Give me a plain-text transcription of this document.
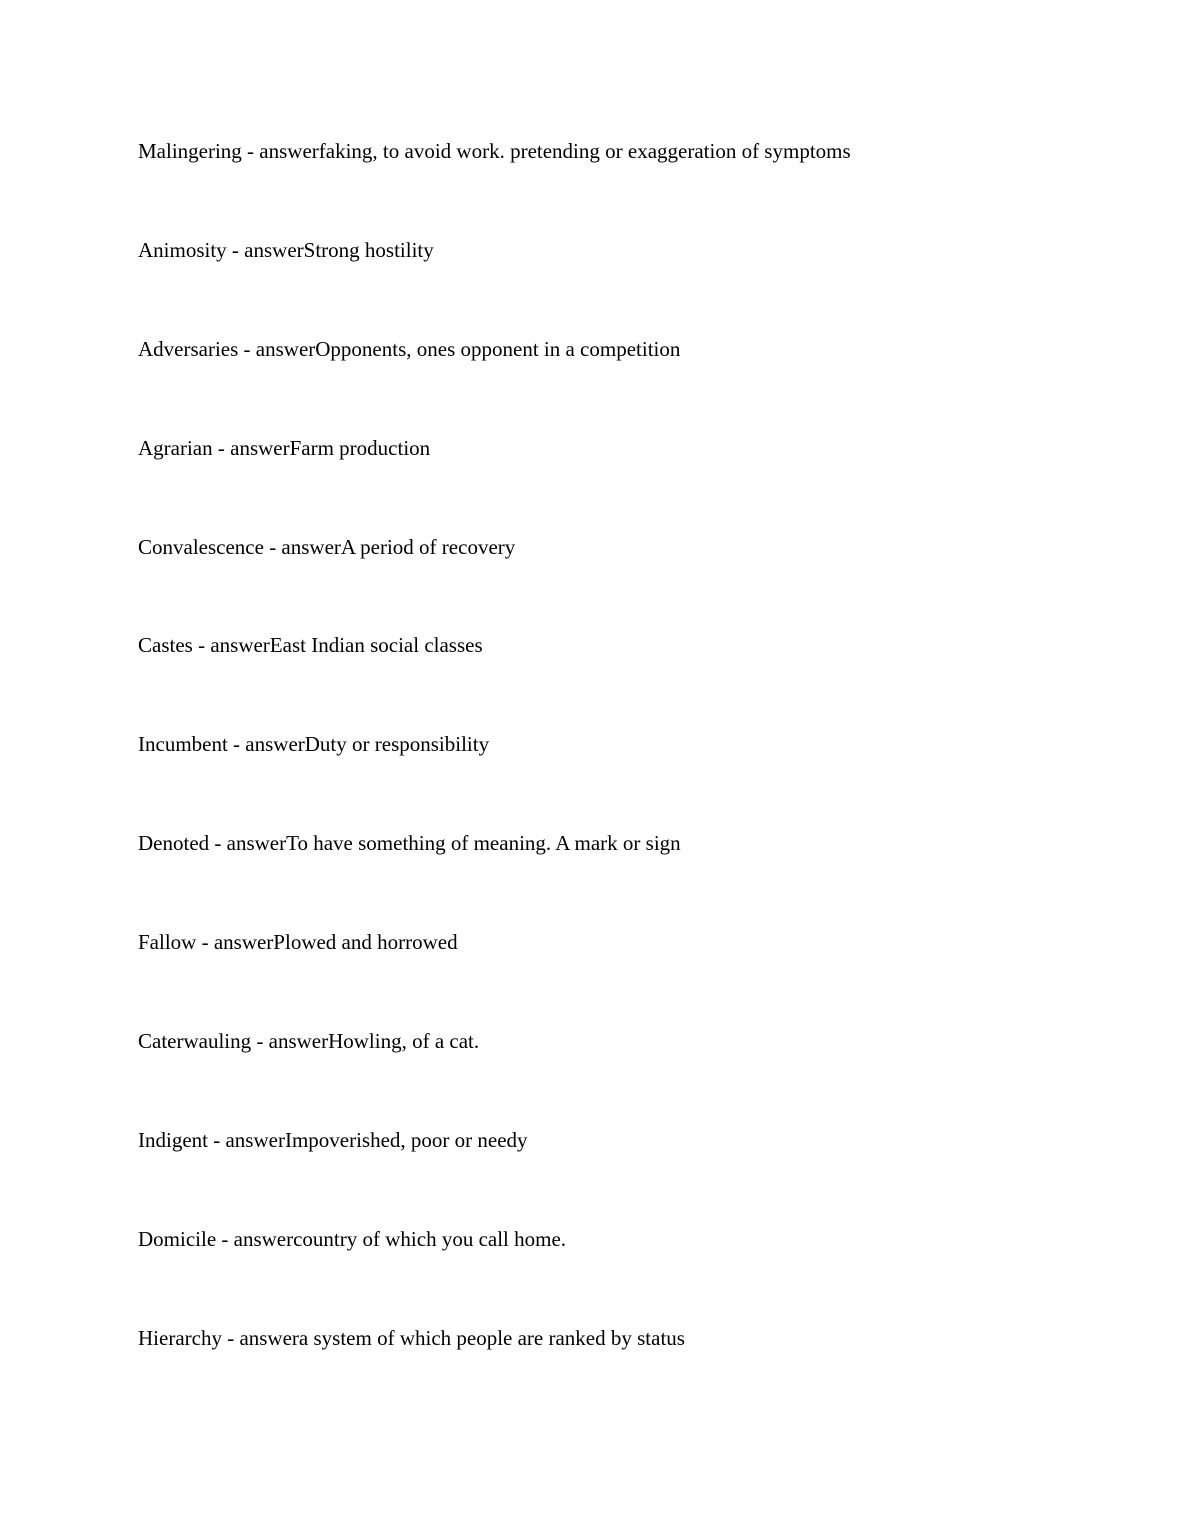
Malingering - answerfaking, to avoid work. pretending or exaggeration of symptoms
Animosity - answerStrong hostility
Adversaries - answerOpponents, ones opponent in a competition
Agrarian - answerFarm production
Convalescence - answerA period of recovery
Castes - answerEast Indian social classes
Incumbent - answerDuty or responsibility
Denoted - answerTo have something of meaning. A mark or sign
Fallow - answerPlowed and horrowed
Caterwauling - answerHowling, of a cat.
Indigent - answerImpoverished, poor or needy
Domicile - answercountry of which you call home.
Hierarchy - answera system of which people are ranked by status
